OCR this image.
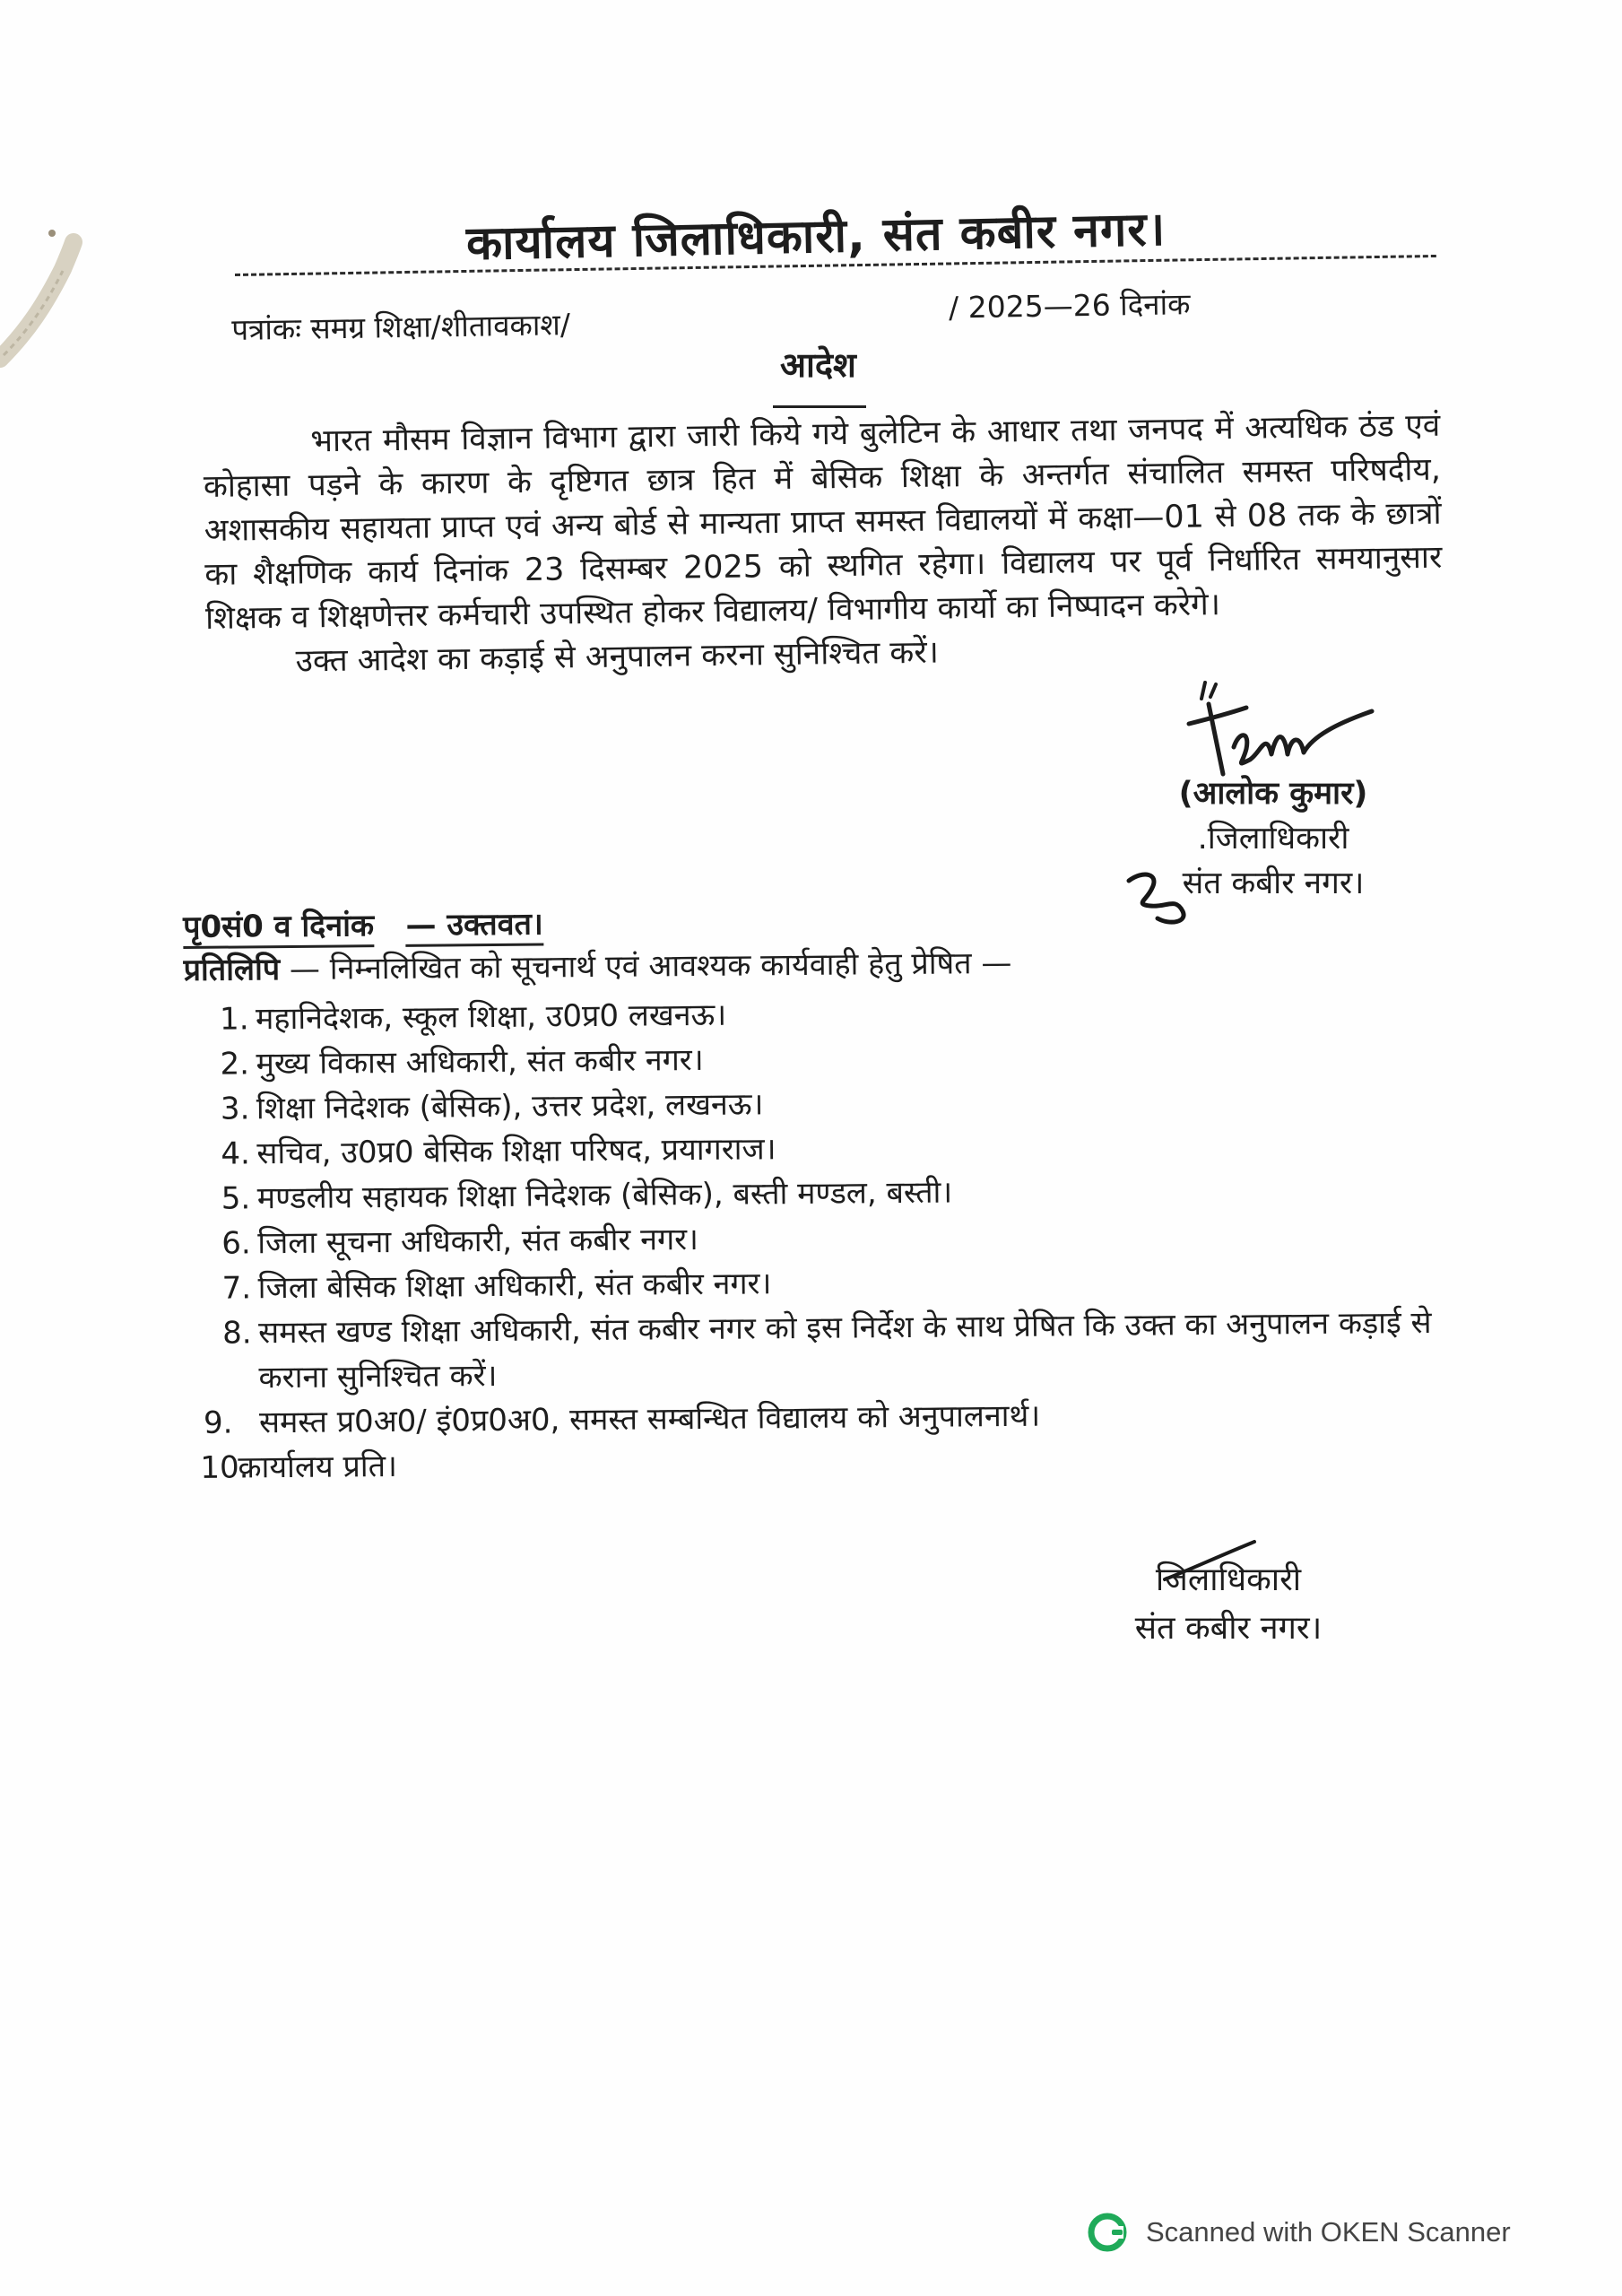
कार्यालय जिलाधिकारी, संत कबीर नगर।
पत्रांकः समग्र शिक्षा/शीतावकाश/
/ 2025—26 दिनांक
आदेश

भारत मौसम विज्ञान विभाग द्वारा जारी किये गये बुलेटिन के आधार तथा जनपद में अत्यधिक ठंड एवं कोहासा पड़ने के कारण के दृष्टिगत छात्र हित में बेसिक शिक्षा के अन्तर्गत संचालित समस्त परिषदीय, अशासकीय सहायता प्राप्त एवं अन्य बोर्ड से मान्यता प्राप्त समस्त विद्यालयों में कक्षा—01 से 08 तक के छात्रों का शैक्षणिक कार्य दिनांक 23 दिसम्बर 2025 को स्थगित रहेगा। विद्यालय पर पूर्व निर्धारित समयानुसार शिक्षक व शिक्षणेत्तर कर्मचारी उपस्थित होकर विद्यालय/ विभागीय कार्यो का निष्पादन करेगे।

उक्त आदेश का कड़ाई से अनुपालन करना सुनिश्चित करें।

(आलोक कुमार)
.जिलाधिकारी
संत कबीर नगर।
पृ0सं0 व दिनांक — उक्तवत।
प्रतिलिपि — निम्नलिखित को सूचनार्थ एवं आवश्यक कार्यवाही हेतु प्रेषित —
1. महानिदेशक, स्कूल शिक्षा, उ0प्र0 लखनऊ।
2. मुख्य विकास अधिकारी, संत कबीर नगर।
3. शिक्षा निदेशक (बेसिक), उत्तर प्रदेश, लखनऊ।
4. सचिव, उ0प्र0 बेसिक शिक्षा परिषद, प्रयागराज।
5. मण्डलीय सहायक शिक्षा निदेशक (बेसिक), बस्ती मण्डल, बस्ती।
6. जिला सूचना अधिकारी, संत कबीर नगर।
7. जिला बेसिक शिक्षा अधिकारी, संत कबीर नगर।
8. समस्त खण्ड शिक्षा अधिकारी, संत कबीर नगर को इस निर्देश के साथ प्रेषित कि उक्त का अनुपालन कड़ाई से कराना सुनिश्चित करें।
9. समस्त प्र0अ0/ इं0प्र0अ0, समस्त सम्बन्धित विद्यालय को अनुपालनार्थ।
10.
कार्यालय प्रति।
जिलाधिकारी
संत कबीर नगर।
Scanned with OKEN Scanner
